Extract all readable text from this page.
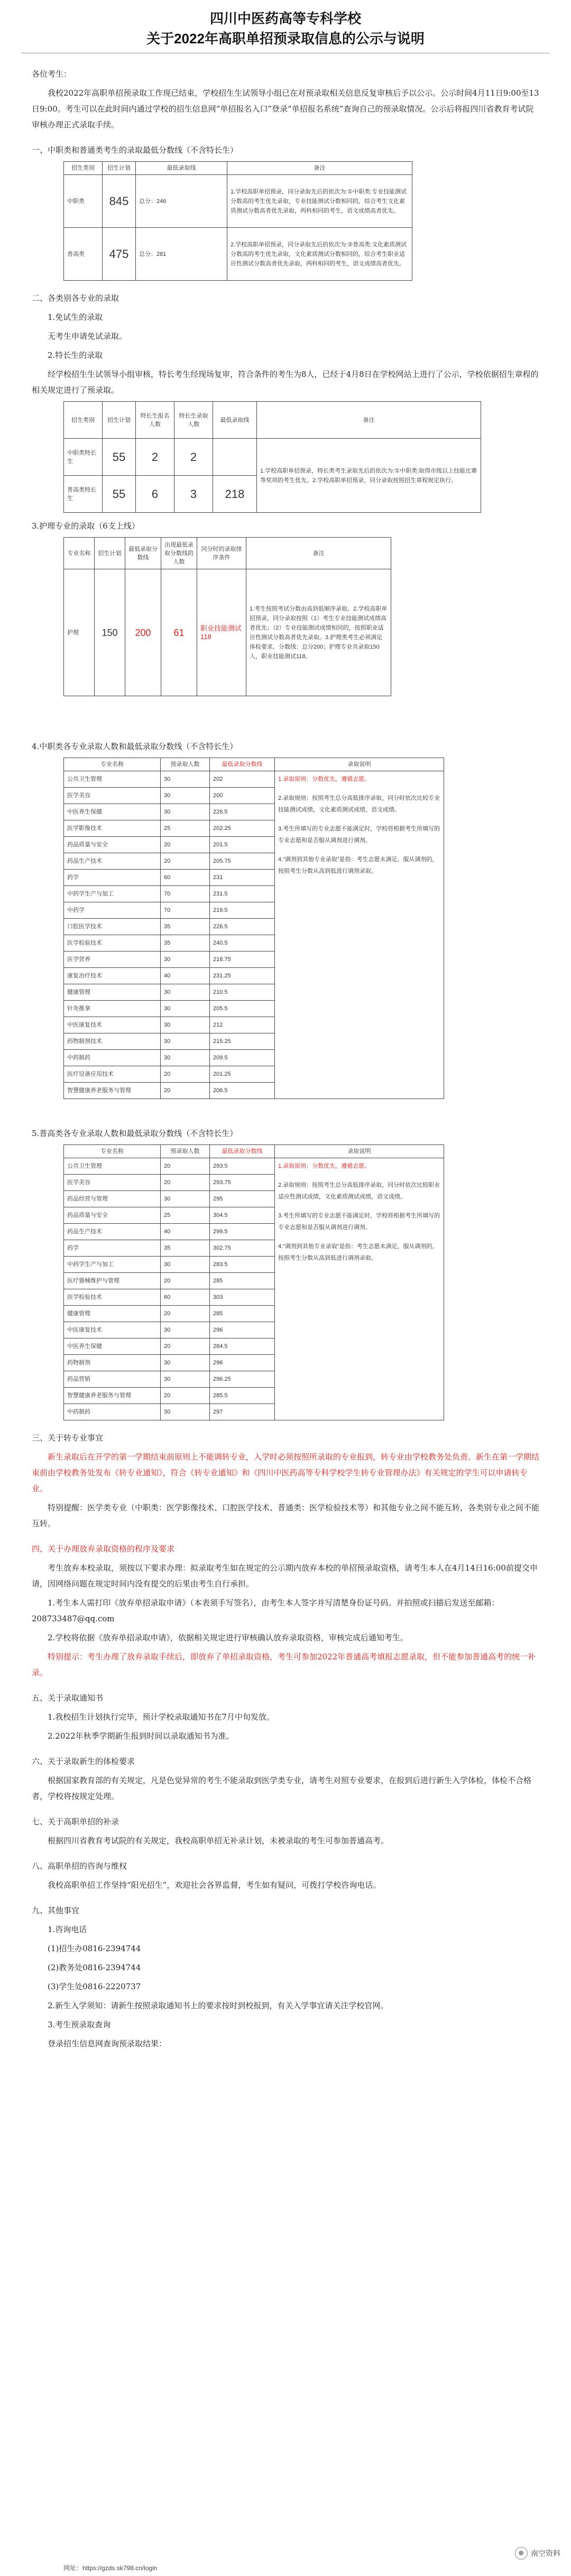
四川中医药高等专科学校
关于2022年高职单招预录取信息的公示与说明

各位考生：

我校2022年高职单招预录取工作现已结束，学校招生生试领导小组已在对预录取相关信息反复审核后予以公示。公示时间4月11日9:00至13日9:00。考生可以在此时间内通过学校的招生信息网“单招报名入口”登录“单招报名系统”查询自己的预录取情况。公示后将报四川省教育考试院审核办理正式录取手续。

一、中职类和普通类考生的录取最低分数线（不含特长生）

招生类别	招生计划	最低录取线	备注
中职类	845	总分：246	1.学校高职单招预录，同分录取先后的依次为:①中职类:专业技能测试分数高的考生优先录取，专业技能测试分数相同的，综合考生文化素质测试分数高者优先录取，两科相同的考生，语文成绩高者优先。
普高类	475	总分：281	2.学校高职单招预录，同分录取先后的依次为:②普高类:文化素质测试分数高的考生优先录取，文化素质测试分数相同的，综合考生职业适应性测试分数高者优先录取，两科相同的考生，语文成绩高者优先。

二、各类别各专业的录取

1.免试生的录取

无考生申请免试录取。

2.特长生的录取

经学校招生生试领导小组审核，特长考生经现场复审，符合条件的考生为8人，已经于4月8日在学校网站上进行了公示，学校依据招生章程的相关规定进行了预录取。

招生类别	招生计划	特长生报名人数	特长生录取人数	最低录取线	备注
中职类特长生	55	2	2		1.学校高职单招预录，特长类考生录取先后的依次为:①中职类:取得市级以上技能比赛等奖项的考生优先。2.学校高职单招预录，同分录取按照招生章程规定执行。
普高类特长生	55	6	3	218	

3.护理专业的录取（6支上线）

专业名称	招生计划	最低录取分数线	出现最低录取分数线的人数	同分时的录取排序条件	备注
护理	150	200	61	职业技能测试118	1.考生按照考试分数由高到低顺序录取。2.学校高职单招预录，同分录取按照（1）考生专业技能测试成绩高者优先；（2）专业技能测试成绩相同的，按照职业适应性测试分数高者优先录取。3.护理类考生必须满足体检要求。分数线：总分200；护理专业共录取150人，职业技能测试118。

4.中职类各专业录取人数和最低录取分数线（不含特长生）

专业名称	预录取人数	最低录取分数线	录取说明
公共卫生管理	30	202	1.录取原则：分数优先，遵循志愿。
2.录取规则：按照考生总分高低排序录取，同分时依次比较专业技能测试成绩，文化素质测试成绩，语文成绩。
3.考生所填写的专业志愿不能满足时，学校将根据考生所填写的专业志愿和是否服从调剂进行调剂。
4.“调剂到其他专业录取”是指：考生志愿未满足，服从调剂的，按照考生分数从高到低进行调剂录取。

医学美容	30	200	
中医养生保健	30	226.5	
医学影像技术	25	202.25	
药品质量与安全	20	201.5	
药品生产技术	20	205.75	
药学	60	231	
中药学生产与加工	70	231.5	
中药学	70	219.5	
口腔医学技术	35	226.5	
医学检验技术	35	240.5	
医学营养	30	218.75	
康复治疗技术	40	231.25	
健康管理	30	210.5	
针灸推拿	30	205.5	
中医康复技术	30	212	
药物制剂技术	30	215.25	
中药制药	30	209.5	
医疗设备应用技术	20	201.25	
智慧健康养老服务与管理	20	206.5	

5.普高类各专业录取人数和最低录取分数线（不含特长生）

专业名称	预录取人数	最低录取分数线	录取说明
公共卫生管理	20	293.5	1.录取原则：分数优先，遵循志愿。
2.录取规则：按照考生总分高低排序录取，同分时依次比较职业适应性测试成绩，文化素质测试成绩，语文成绩。
3.考生所填写的专业志愿不能满足时，学校将根据考生所填写的专业志愿和是否服从调剂进行调剂。
4.“调剂到其他专业录取”是指：考生志愿未满足，服从调剂的，按照考生分数从高到低进行调剂录取。

医学美容	20	293.75	
药品经营与管理	30	295	
药品质量与安全	25	304.5	
药品生产技术	40	299.5	
药学	35	302.75	
中药学生产与加工	30	283.5	
医疗器械维护与管理	20	285	
医学检验技术	60	303	
健康管理	20	285	
中医康复技术	30	296	
中医养生保健	20	284.5	
药物制剂	30	296	
药品营销	30	296.25	
智慧健康养老服务与管理	20	285.5	
中药制药	30	297	

三、关于转专业事宜

新生录取后在开学的第一学期结束前原则上不能调转专业，入学时必须按照所录取的专业报到，转专业由学校教务处负责。新生在第一学期结束前由学校教务处发布《转专业通知》，符合《转专业通知》和《四川中医药高等专科学校学生转专业管理办法》有关规定的学生可以申请转专业。

特别提醒：医学类专业（中职类：医学影像技术、口腔医学技术、普通类：医学检验技术等）和其他专业之间不能互转，各类别专业之间不能互转。

四、关于办理放弃录取资格的程序及要求

考生放弃本校录取，须按以下要求办理：拟录取考生如在规定的公示期内放弃本校的单招预录取资格，请考生本人在4月14日16:00前提交申请，因网络问题在规定时间内没有提交的后果由考生自行承担。

1.考生本人需打印《放弃单招录取申请》（本表须手写签名），由考生本人签字并写清楚身份证号码。并拍照或扫描后发送至邮箱：208733487@qq.com

2.学校将依据《放弃单招录取申请》，依据相关规定进行审核确认放弃录取资格，审核完成后通知考生。

特别提示：考生办理了放弃录取手续后，即放弃了单招录取资格，考生可参加2022年普通高考填报志愿录取，但不能参加普通高考的统一补录。

五、关于录取通知书

1.我校招生计划执行完毕，预计学校录取通知书在7月中旬发放。

2.2022年秋季学期新生报到时间以录取通知书为准。

六、关于录取新生的体检要求

根据国家教育部的有关规定，凡是色觉异常的考生不能录取到医学类专业，请考生对照专业要求，在报到后进行新生入学体检，体检不合格者，学校将按规定处理。

七、关于高职单招的补录

根据四川省教育考试院的有关规定，我校高职单招无补录计划，未被录取的考生可参加普通高考。

八、高职单招的咨询与维权

我校高职单招工作坚持“阳光招生”，欢迎社会各界监督，考生如有疑问，可拨打学校咨询电话。

九、其他事宜

1.咨询电话

(1)招生办0816-2394744

(2)教务处0816-2394744

(3)学生处0816-2220737

2.新生入学须知：请新生按照录取通知书上的要求按时到校报到，有关入学事宜请关注学校官网。

3.考生预录取查询

登录招生信息网查询预录取结果：

南空资料
网址：https://gzds.sk798.cn/login
